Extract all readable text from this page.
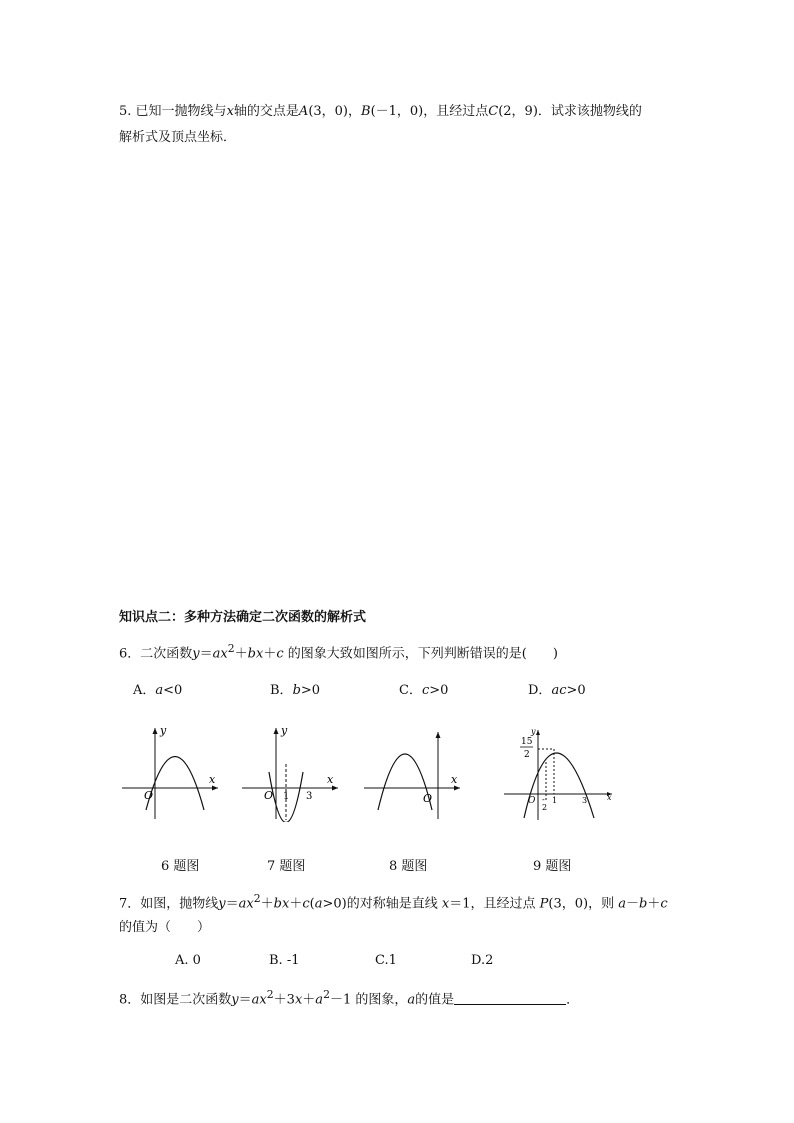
5. 已知一抛物线与x轴的交点是A(3，0)，B(－1，0)，且经过点C(2，9)．试求该抛物线的
解析式及顶点坐标．
知识点二：多种方法确定二次函数的解析式
6．二次函数$y=ax^2+bx+c$ 的图象大致如图所示，下列判断错误的是(　　)
A．a<0	B．b>0	C．c>0	D．ac>0
y
x
O
y
x
O 1 3
x
O
y
x
15
2
O -
2
1	3
6 题图	7 题图	8 题图	9 题图
7．如图，抛物线$y=ax^2+bx+c(a>0)$的对称轴是直线 x＝1，且经过点 P(3，0)，则 a－b＋c
的值为（　　）
A. 0	B. -1	C.1	D.2
8．如图是二次函数$y=ax^2+3x+a^2-1$ 的图象，a的值是	．
